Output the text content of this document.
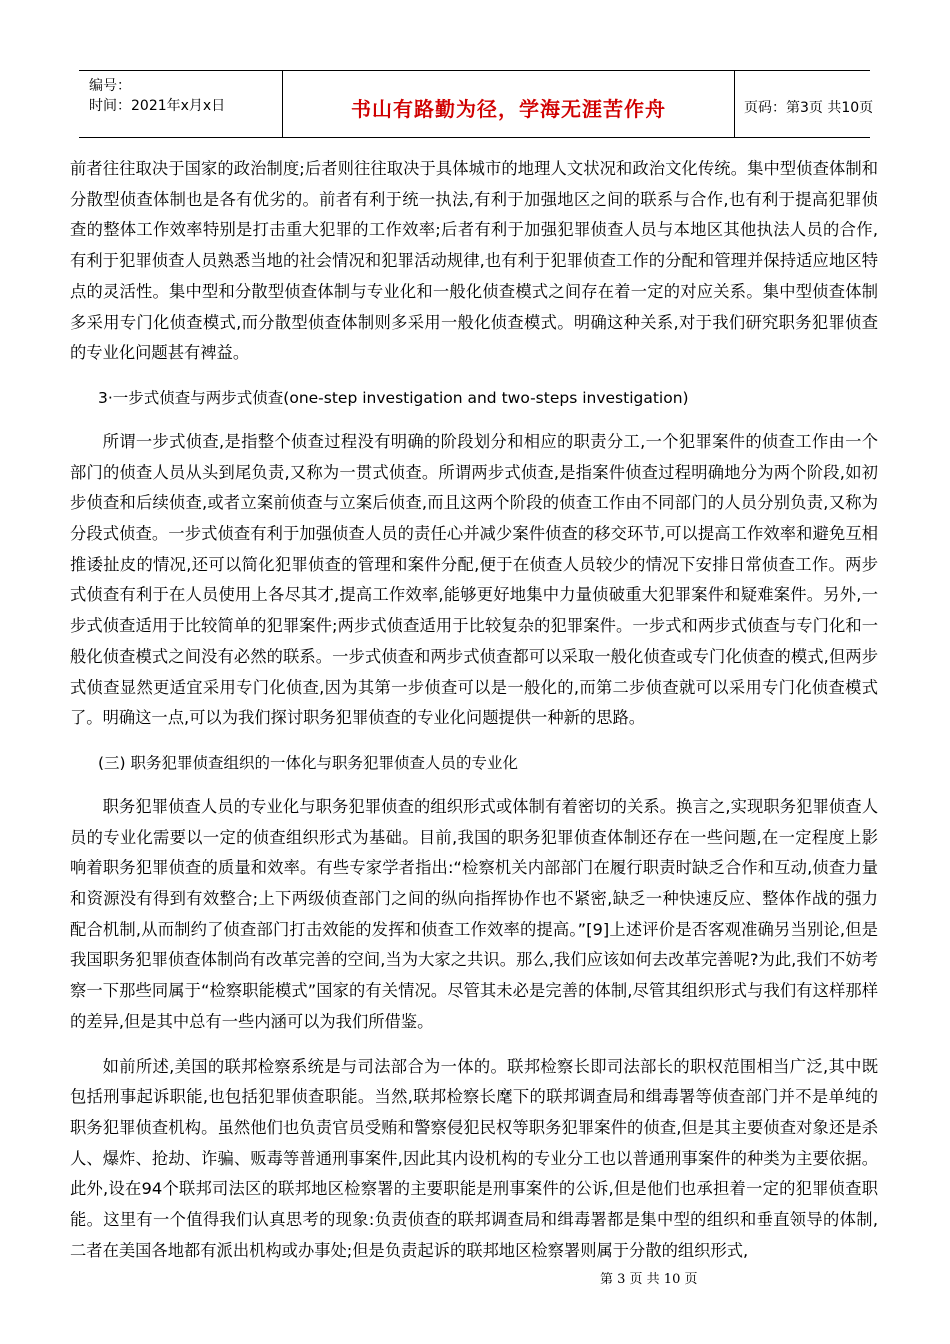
编号：
时间：2021年x月x日	书山有路勤为径，学海无涯苦作舟	页码：第3页 共10页

前者往往取决于国家的政治制度;后者则往往取决于具体城市的地理人文状况和政治文化传统。集中型侦查体制和分散型侦查体制也是各有优劣的。前者有利于统一执法,有利于加强地区之间的联系与合作,也有利于提高犯罪侦查的整体工作效率特别是打击重大犯罪的工作效率;后者有利于加强犯罪侦查人员与本地区其他执法人员的合作,有利于犯罪侦查人员熟悉当地的社会情况和犯罪活动规律,也有利于犯罪侦查工作的分配和管理并保持适应地区特点的灵活性。集中型和分散型侦查体制与专业化和一般化侦查模式之间存在着一定的对应关系。集中型侦查体制多采用专门化侦查模式,而分散型侦查体制则多采用一般化侦查模式。明确这种关系,对于我们研究职务犯罪侦查的专业化问题甚有裨益。

3·一步式侦查与两步式侦查(one-step investigation and two-steps investigation)

所谓一步式侦查,是指整个侦查过程没有明确的阶段划分和相应的职责分工,一个犯罪案件的侦查工作由一个部门的侦查人员从头到尾负责,又称为一贯式侦查。所谓两步式侦查,是指案件侦查过程明确地分为两个阶段,如初步侦查和后续侦查,或者立案前侦查与立案后侦查,而且这两个阶段的侦查工作由不同部门的人员分别负责,又称为分段式侦查。一步式侦查有利于加强侦查人员的责任心并减少案件侦查的移交环节,可以提高工作效率和避免互相推诿扯皮的情况,还可以简化犯罪侦查的管理和案件分配,便于在侦查人员较少的情况下安排日常侦查工作。两步式侦查有利于在人员使用上各尽其才,提高工作效率,能够更好地集中力量侦破重大犯罪案件和疑难案件。另外,一步式侦查适用于比较简单的犯罪案件;两步式侦查适用于比较复杂的犯罪案件。一步式和两步式侦查与专门化和一般化侦查模式之间没有必然的联系。一步式侦查和两步式侦查都可以采取一般化侦查或专门化侦查的模式,但两步式侦查显然更适宜采用专门化侦查,因为其第一步侦查可以是一般化的,而第二步侦查就可以采用专门化侦查模式了。明确这一点,可以为我们探讨职务犯罪侦查的专业化问题提供一种新的思路。

(三) 职务犯罪侦查组织的一体化与职务犯罪侦查人员的专业化

职务犯罪侦查人员的专业化与职务犯罪侦查的组织形式或体制有着密切的关系。换言之,实现职务犯罪侦查人员的专业化需要以一定的侦查组织形式为基础。目前,我国的职务犯罪侦查体制还存在一些问题,在一定程度上影响着职务犯罪侦查的质量和效率。有些专家学者指出:“检察机关内部部门在履行职责时缺乏合作和互动,侦查力量和资源没有得到有效整合;上下两级侦查部门之间的纵向指挥协作也不紧密,缺乏一种快速反应、整体作战的强力配合机制,从而制约了侦查部门打击效能的发挥和侦查工作效率的提高。”[9]上述评价是否客观准确另当别论,但是我国职务犯罪侦查体制尚有改革完善的空间,当为大家之共识。那么,我们应该如何去改革完善呢?为此,我们不妨考察一下那些同属于“检察职能模式”国家的有关情况。尽管其未必是完善的体制,尽管其组织形式与我们有这样那样的差异,但是其中总有一些内涵可以为我们所借鉴。

如前所述,美国的联邦检察系统是与司法部合为一体的。联邦检察长即司法部长的职权范围相当广泛,其中既包括刑事起诉职能,也包括犯罪侦查职能。当然,联邦检察长麾下的联邦调查局和缉毒署等侦查部门并不是单纯的职务犯罪侦查机构。虽然他们也负责官员受贿和警察侵犯民权等职务犯罪案件的侦查,但是其主要侦查对象还是杀人、爆炸、抢劫、诈骗、贩毒等普通刑事案件,因此其内设机构的专业分工也以普通刑事案件的种类为主要依据。此外,设在94个联邦司法区的联邦地区检察署的主要职能是刑事案件的公诉,但是他们也承担着一定的犯罪侦查职能。这里有一个值得我们认真思考的现象:负责侦查的联邦调查局和缉毒署都是集中型的组织和垂直领导的体制,二者在美国各地都有派出机构或办事处;但是负责起诉的联邦地区检察署则属于分散的组织形式,

第 3 页 共 10 页
